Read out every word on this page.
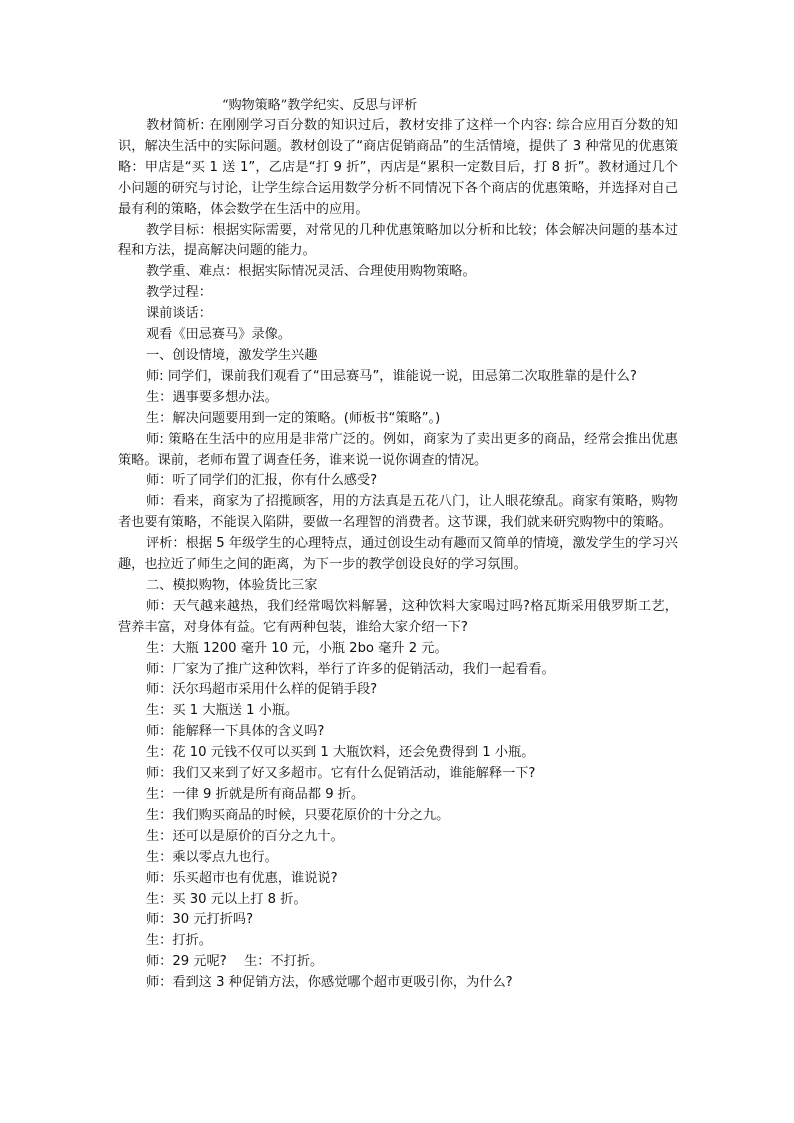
“购物策略”教学纪实、反思与评析

教材简析: 在刚刚学习百分数的知识过后，教材安排了这样一个内容: 综合应用百分数的知识，解决生活中的实际问题。教材创设了“商店促销商品”的生活情境，提供了 3 种常见的优惠策略：甲店是“买 1 送 1”，乙店是“打 9 折”，丙店是“累积一定数目后，打 8 折”。教材通过几个小问题的研究与讨论，让学生综合运用数学分析不同情况下各个商店的优惠策略，并选择对自己最有利的策略，体会数学在生活中的应用。

教学目标：根据实际需要，对常见的几种优惠策略加以分析和比较；体会解决问题的基本过程和方法，提高解决问题的能力。

教学重、难点：根据实际情况灵活、合理使用购物策略。

教学过程：

课前谈话：

观看《田忌赛马》录像。

一、创设情境，激发学生兴趣

师: 同学们，课前我们观看了“田忌赛马”，谁能说一说，田忌第二次取胜靠的是什么?

生：遇事要多想办法。

生：解决问题要用到一定的策略。(师板书“策略”。)

师: 策略在生活中的应用是非常广泛的。例如，商家为了卖出更多的商品，经常会推出优惠策略。课前，老师布置了调查任务，谁来说一说你调查的情况。

师：听了同学们的汇报，你有什么感受?

师：看来，商家为了招揽顾客，用的方法真是五花八门，让人眼花缭乱。商家有策略，购物者也要有策略，不能误入陷阱，要做一名理智的消费者。这节课，我们就来研究购物中的策略。

评析：根据 5 年级学生的心理特点，通过创设生动有趣而又简单的情境，激发学生的学习兴趣，也拉近了师生之间的距离，为下一步的教学创设良好的学习氛围。

二、模拟购物，体验货比三家

师：天气越来越热，我们经常喝饮料解暑，这种饮料大家喝过吗?格瓦斯采用俄罗斯工艺，营养丰富，对身体有益。它有两种包装，谁给大家介绍一下?

生：大瓶 1200 毫升 10 元，小瓶 2bo 毫升 2 元。

师：厂家为了推广这种饮料，举行了许多的促销活动，我们一起看看。

师：沃尔玛超市采用什么样的促销手段?

生：买 1 大瓶送 1 小瓶。

师：能解释一下具体的含义吗?

生：花 10 元钱不仅可以买到 1 大瓶饮料，还会免费得到 1 小瓶。

师：我们又来到了好又多超市。它有什么促销活动，谁能解释一下?

生：一律 9 折就是所有商品都 9 折。

生：我们购买商品的时候，只要花原价的十分之九。

生：还可以是原价的百分之九十。

生：乘以零点九也行。

师：乐买超市也有优惠，谁说说?

生：买 30 元以上打 8 折。

师：30 元打折吗?

生：打折。

师：29 元呢?　 生：不打折。

师：看到这 3 种促销方法，你感觉哪个超市更吸引你，为什么?
